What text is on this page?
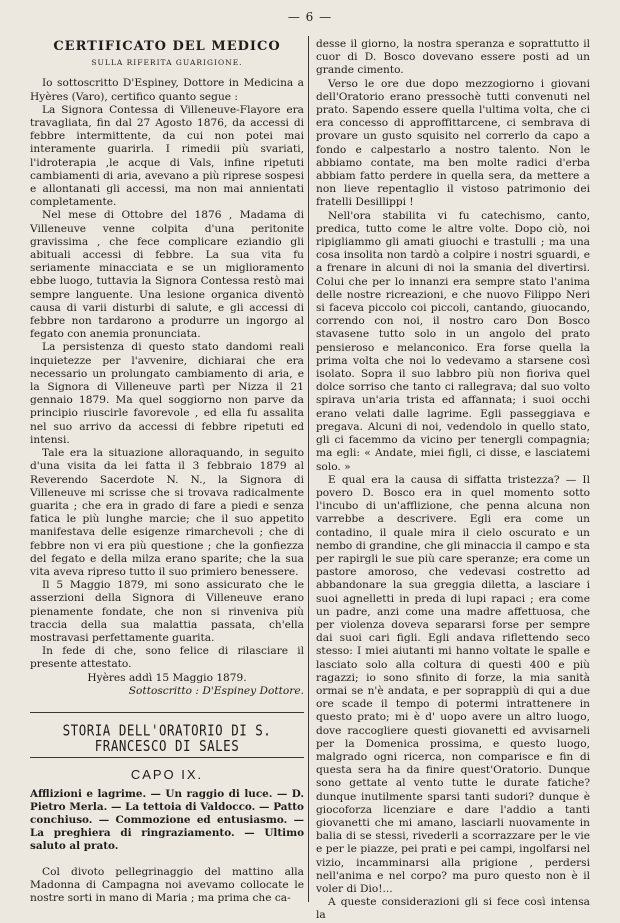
— 6 —
CERTIFICATO DEL MEDICO
SULLA RIFERITA GUARIGIONE.

Io sottoscritto D'Espiney, Dottore in Medicina a Hyères (Varo), certifico quanto segue :

La Signora Contessa di Villeneuve-Flayore era travagliata, fin dal 27 Agosto 1876, da accessi di febbre intermittente, da cui non potei mai interamente guarirla. I rimedii più svariati, l'idroterapia ,le acque di Vals, infine ripetuti cambiamenti di aria, avevano a più riprese sospesi e allontanati gli accessi, ma non mai annientati completamente.

Nel mese di Ottobre del 1876 , Madama di Villeneuve venne colpita d'una peritonite gravissima , che fece complicare eziandio gli abituali accessi di febbre. La sua vita fu seriamente minacciata e se un miglioramento ebbe luogo, tuttavia la Signora Contessa restò mai sempre languente. Una lesione organica diventò causa di varii disturbi di salute, e gli accessi di febbre non tardarono a produrre un ingorgo al fegato con anemia pronunciata.

La persistenza di questo stato dandomi reali inquietezze per l'avvenire, dichiarai che era necessario un prolungato cambiamento di aria, e la Signora di Villeneuve partì per Nizza il 21 gennaio 1879. Ma quel soggiorno non parve da principio riuscirle favorevole , ed ella fu assalita nel suo arrivo da accessi di febbre ripetuti ed intensi.

Tale era la situazione alloraquando, in seguito d'una visita da lei fatta il 3 febbraio 1879 al Reverendo Sacerdote N. N., la Signora di Villeneuve mi scrisse che si trovava radicalmente guarita ; che era in grado di fare a piedi e senza fatica le più lunghe marcie; che il suo appetito manifestava delle esigenze rimarchevoli ; che di febbre non vi era più questione ; che la gonfiezza del fegato e della milza erano sparite; che la sua vita aveva ripreso tutto il suo primiero benessere.

Il 5 Maggio 1879, mi sono assicurato che le asserzioni della Signora di Villeneuve erano pienamente fondate, che non si rinveniva più traccia della sua malattia passata, ch'ella mostravasi perfettamente guarita.

In fede di che, sono felice di rilasciare il presente attestato.

Hyères addì 15 Maggio 1879.

Sottoscritto : D'Espiney Dottore.

STORIA DELL'ORATORIO DI S. FRANCESCO DI SALES
CAPO IX.

Afflizioni e lagrime. — Un raggio di luce. — D. Pietro Merla. — La tettoia di Valdocco. — Patto conchiuso. — Commozione ed entusiasmo. — La preghiera di ringraziamento. — Ultimo saluto al prato.

Col divoto pellegrinaggio del mattino alla Madonna di Campagna noi avevamo collocate le nostre sorti in mano di Maria ; ma prima che ca-

desse il giorno, la nostra speranza e soprattutto il cuor di D. Bosco dovevano essere posti ad un grande cimento.

Verso le ore due dopo mezzogiorno i giovani dell'Oratorio erano pressochè tutti convenuti nel prato. Sapendo essere quella l'ultima volta, che ci era concesso di approffittarcene, ci sembrava di provare un gusto squisito nel correrlo da capo a fondo e calpestarlo a nostro talento. Non le abbiamo contate, ma ben molte radici d'erba abbiam fatto perdere in quella sera, da mettere a non lieve repentaglio il vistoso patrimonio dei fratelli Desillippi !

Nell'ora stabilita vi fu catechismo, canto, predica, tutto come le altre volte. Dopo ciò, noi ripigliammo gli amati giuochi e trastulli ; ma una cosa insolita non tardò a colpire i nostri sguardi, e a frenare in alcuni di noi la smania del divertirsi. Colui che per lo innanzi era sempre stato l'anima delle nostre ricreazioni, e che nuovo Filippo Neri si faceva piccolo coi piccoli, cantando, giuocando, correndo con noi, il nostro caro Don Bosco stavasene tutto solo in un angolo del prato pensieroso e melanconico. Era forse quella la prima volta che noi lo vedevamo a starsene così isolato. Sopra il suo labbro più non fioriva quel dolce sorriso che tanto ci rallegrava; dal suo volto spirava un'aria trista ed affannata; i suoi occhi erano velati dalle lagrime. Egli passeggiava e pregava. Alcuni di noi, vedendolo in quello stato, gli ci facemmo da vicino per tenergli compagnia; ma egli: « Andate, miei figli, ci disse, e lasciatemi solo. »

E qual era la causa di siffatta tristezza? — Il povero D. Bosco era in quel momento sotto l'incubo di un'afflizione, che penna alcuna non varrebbe a descrivere. Egli era come un contadino, il quale mira il cielo oscurato e un nembo di grandine, che gli minaccia il campo e sta per rapirgli le sue più care speranze; era come un pastore amoroso, che vedevasi costretto ad abbandonare la sua greggia diletta, a lasciare i suoi agnelletti in preda di lupi rapaci ; era come un padre, anzi come una madre affettuosa, che per violenza doveva separarsi forse per sempre dai suoi cari figli. Egli andava riflettendo seco stesso: I miei aiutanti mi hanno voltate le spalle e lasciato solo alla coltura di questi 400 e più ragazzi; io sono sfinito di forze, la mia sanità ormai se n'è andata, e per soprappiù di qui a due ore scade il tempo di potermi intrattenere in questo prato; mi è d' uopo avere un altro luogo, dove raccogliere questi giovanetti ed avvisarneli per la Domenica prossima, e questo luogo, malgrado ogni ricerca, non comparisce e fin di questa sera ha da finire quest'Oratorio. Dunque sono gettate al vento tutte le durate fatiche? dunque inutilmente sparsi tanti sudori? dunque è giocoforza licenziare e dare l'addio a tanti giovanetti che mi amano, lasciarli nuovamente in balia di se stessi, rivederli a scorrazzare per le vie e per le piazze, pei prati e pei campi, ingolfarsi nel vizio, incamminarsi alla prigione , perdersi nell'anima e nel corpo? ma puro questo non è il voler di Dio!...

A queste considerazioni gli si fece così intensa la
